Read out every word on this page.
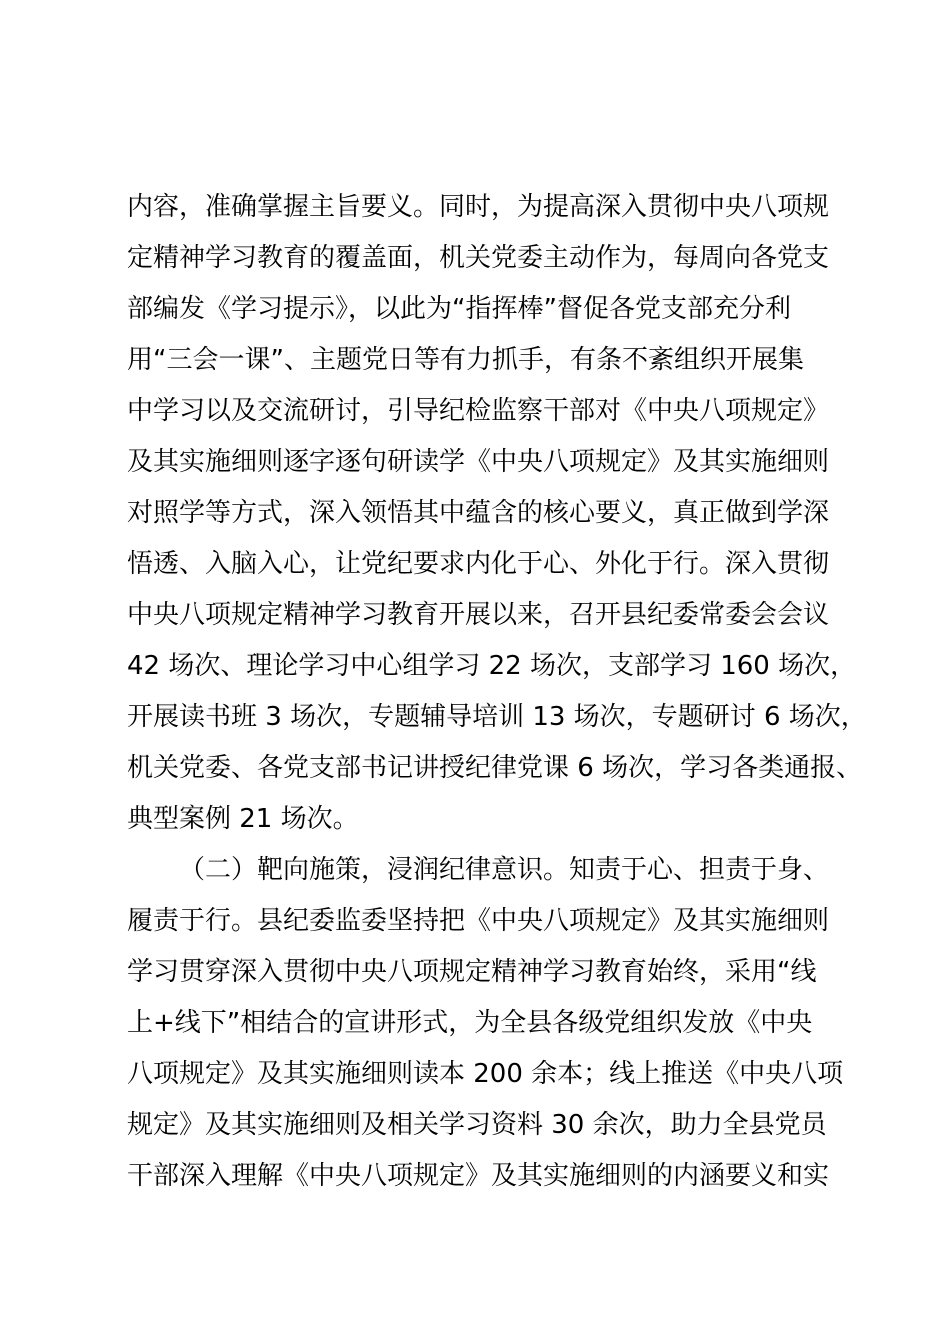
内容，准确掌握主旨要义。同时，为提高深入贯彻中央八项规
定精神学习教育的覆盖面，机关党委主动作为，每周向各党支
部编发《学习提示》，以此为“指挥棒”督促各党支部充分利
用“三会一课”、主题党日等有力抓手，有条不紊组织开展集
中学习以及交流研讨，引导纪检监察干部对《中央八项规定》
及其实施细则逐字逐句研读学《中央八项规定》及其实施细则
对照学等方式，深入领悟其中蕴含的核心要义，真正做到学深
悟透、入脑入心，让党纪要求内化于心、外化于行。深入贯彻
中央八项规定精神学习教育开展以来，召开县纪委常委会会议
42 场次、理论学习中心组学习 22 场次，支部学习 160 场次，
开展读书班 3 场次，专题辅导培训 13 场次，专题研讨 6 场次，
机关党委、各党支部书记讲授纪律党课 6 场次，学习各类通报、
典型案例 21 场次。
（二）靶向施策，浸润纪律意识。知责于心、担责于身、
履责于行。县纪委监委坚持把《中央八项规定》及其实施细则
学习贯穿深入贯彻中央八项规定精神学习教育始终，采用“线
上+线下”相结合的宣讲形式，为全县各级党组织发放《中央
八项规定》及其实施细则读本 200 余本；线上推送《中央八项
规定》及其实施细则及相关学习资料 30 余次，助力全县党员
干部深入理解《中央八项规定》及其实施细则的内涵要义和实
